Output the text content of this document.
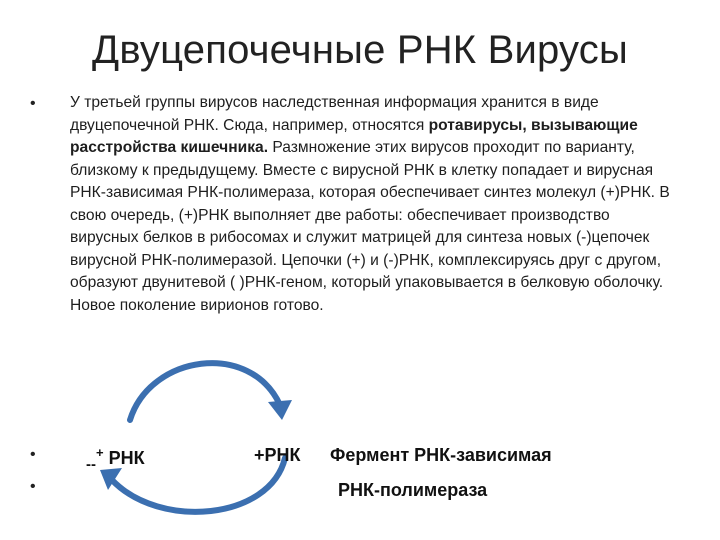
Двуцепочечные РНК Вирусы
• У третьей группы вирусов наследственная информация хранится в виде двуцепочечной РНК. Сюда, например, относятся ротавирусы, вызывающие расстройства кишечника. Размножение этих вирусов проходит по варианту, близкому к предыдущему. Вместе с вирусной РНК в клетку попадает и вирусная РНК-зависимая РНК-полимераза, которая обеспечивает синтез молекул (+)РНК. В свою очередь, (+)РНК выполняет две работы: обеспечивает производство вирусных белков в рибосомах и служит матрицей для синтеза новых (-)цепочек вирусной РНК-полимеразой. Цепочки (+) и (-)РНК, комплексируясь друг с другом, образуют двунитевой ( )РНК-геном, который упаковывается в белковую оболочку. Новое поколение вирионов готово.
•
•
$_{--}$+ РНК	+РНК Фермент РНК-зависимая
РНК-полимераза
